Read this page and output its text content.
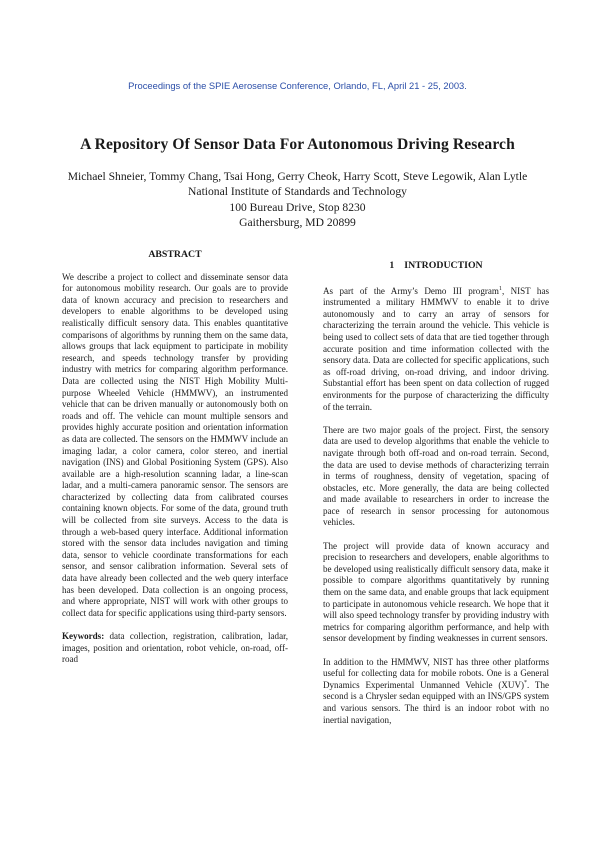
Proceedings of the SPIE Aerosense Conference, Orlando, FL, April 21 - 25, 2003.
A Repository Of Sensor Data For Autonomous Driving Research
Michael Shneier, Tommy Chang, Tsai Hong, Gerry Cheok, Harry Scott, Steve Legowik, Alan Lytle
National Institute of Standards and Technology
100 Bureau Drive, Stop 8230
Gaithersburg, MD 20899
ABSTRACT

We describe a project to collect and disseminate sensor data for autonomous mobility research. Our goals are to provide data of known accuracy and precision to researchers and developers to enable algorithms to be developed using realistically difficult sensory data. This enables quantitative comparisons of algorithms by running them on the same data, allows groups that lack equipment to participate in mobility research, and speeds technology transfer by providing industry with metrics for comparing algorithm performance. Data are collected using the NIST High Mobility Multi-purpose Wheeled Vehicle (HMMWV), an instrumented vehicle that can be driven manually or autonomously both on roads and off. The vehicle can mount multiple sensors and provides highly accurate position and orientation information as data are collected. The sensors on the HMMWV include an imaging ladar, a color camera, color stereo, and inertial navigation (INS) and Global Positioning System (GPS). Also available are a high-resolution scanning ladar, a line-scan ladar, and a multi-camera panoramic sensor. The sensors are characterized by collecting data from calibrated courses containing known objects. For some of the data, ground truth will be collected from site surveys. Access to the data is through a web-based query interface. Additional information stored with the sensor data includes navigation and timing data, sensor to vehicle coordinate transformations for each sensor, and sensor calibration information. Several sets of data have already been collected and the web query interface has been developed. Data collection is an ongoing process, and where appropriate, NIST will work with other groups to collect data for specific applications using third-party sensors.

Keywords: data collection, registration, calibration, ladar, images, position and orientation, robot vehicle, on-road, off-road

1 INTRODUCTION

As part of the Army’s Demo III program$^1$, NIST has instrumented a military HMMWV to enable it to drive autonomously and to carry an array of sensors for characterizing the terrain around the vehicle. This vehicle is being used to collect sets of data that are tied together through accurate position and time information collected with the sensory data. Data are collected for specific applications, such as off-road driving, on-road driving, and indoor driving. Substantial effort has been spent on data collection of rugged environments for the purpose of characterizing the difficulty of the terrain.

There are two major goals of the project. First, the sensory data are used to develop algorithms that enable the vehicle to navigate through both off-road and on-road terrain. Second, the data are used to devise methods of characterizing terrain in terms of roughness, density of vegetation, spacing of obstacles, etc. More generally, the data are being collected and made available to researchers in order to increase the pace of research in sensor processing for autonomous vehicles.

The project will provide data of known accuracy and precision to researchers and developers, enable algorithms to be developed using realistically difficult sensory data, make it possible to compare algorithms quantitatively by running them on the same data, and enable groups that lack equipment to participate in autonomous vehicle research. We hope that it will also speed technology transfer by providing industry with metrics for comparing algorithm performance, and help with sensor development by finding weaknesses in current sensors.

In addition to the HMMWV, NIST has three other platforms useful for collecting data for mobile robots. One is a General Dynamics Experimental Unmanned Vehicle (XUV)*. The second is a Chrysler sedan equipped with an INS/GPS system and various sensors. The third is an indoor robot with no inertial navigation,
